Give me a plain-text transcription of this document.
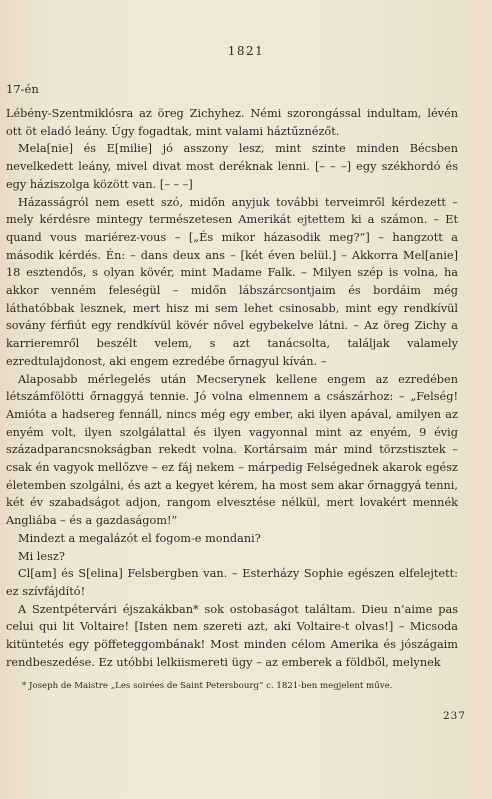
1821
17-én

Lébény-Szentmiklósra az öreg Zichyhez. Némi szorongással indultam, lévén ott öt eladó leány. Úgy fogadtak, mint valami háztűznézőt.

Mela[nie] és E[milie] jó asszony lesz, mint szinte minden Bécsben nevelkedett leány, mivel divat most deréknak lenni. [– – –] egy székhordó és egy háziszolga között van. [– – –]

Házasságról nem esett szó, midőn anyjuk további terveimről kérdezett – mely kérdésre mintegy természetesen Amerikát ejtettem ki a számon. – Et quand vous mariérez-vous – [„És mikor házasodik meg?”] – hangzott a második kérdés. Én: – dans deux ans – [két éven belül.] – Akkorra Mel[anie] 18 esztendős, s olyan kövér, mint Madame Falk. – Milyen szép is volna, ha akkor venném feleségül – midőn lábszárcsontjaim és bordáim még láthatóbbak lesznek, mert hisz mi sem lehet csinosabb, mint egy rendkívül sovány férfiút egy rendkívül kövér nővel egybekelve látni. – Az öreg Zichy a karrieremről beszélt velem, s azt tanácsolta, találjak valamely ezredtulajdonost, aki engem ezredébe őrnagyul kíván. –

Alaposabb mérlegelés után Mecserynek kellene engem az ezredében létszámfölötti őrnaggyá tennie. Jó volna elmennem a császárhoz: – „Felség! Amióta a hadsereg fennáll, nincs még egy ember, aki ilyen apával, amilyen az enyém volt, ilyen szolgálattal és ilyen vagyonnal mint az enyém, 9 évig századparancsnokságban rekedt volna. Kortársaim már mind törzstisztek – csak én vagyok mellőzve – ez fáj nekem – márpedig Felségednek akarok egész életemben szolgálni, és azt a kegyet kérem, ha most sem akar őrnaggyá tenni, két év szabadságot adjon, rangom elvesztése nélkül, mert lovakért mennék Angliába – és a gazdaságom!”

Mindezt a megalázót el fogom-e mondani?

Mi lesz?

Cl[am] és S[elina] Felsbergben van. – Esterházy Sophie egészen elfelejtett: ez szívfájdító!

A Szentpétervári éjszakákban* sok ostobaságot találtam. Dieu n’aime pas celui qui lit Voltaire! [Isten nem szereti azt, aki Voltaire-t olvas!] – Micsoda kitüntetés egy pöffeteggombának! Most minden célom Amerika és jószágaim rendbeszedése. Ez utóbbi lelkiismereti ügy – az emberek a földből, melynek

* Joseph de Maistre „Les soirées de Saint Petersbourg” c. 1821-ben megjelent műve.
237
